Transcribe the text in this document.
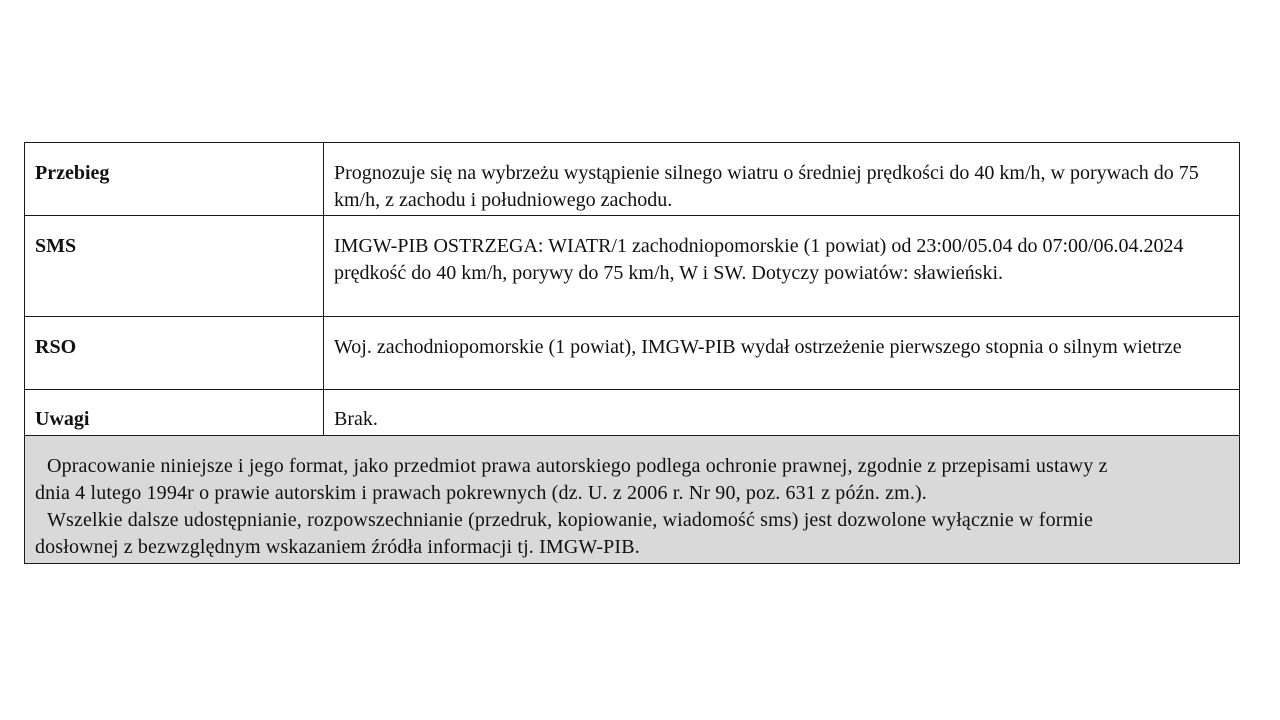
Przebieg	Prognozuje się na wybrzeżu wystąpienie silnego wiatru o średniej prędkości do 40 km/h, w porywach do 75 km/h, z zachodu i południowego zachodu.
SMS	IMGW-PIB OSTRZEGA: WIATR/1 zachodniopomorskie (1 powiat) od 23:00/05.04 do 07:00/06.04.2024 prędkość do 40 km/h, porywy do 75 km/h, W i SW. Dotyczy powiatów: sławieński.
RSO	Woj. zachodniopomorskie (1 powiat), IMGW-PIB wydał ostrzeżenie pierwszego stopnia o silnym wietrze
Uwagi	Brak.

Opracowanie niniejsze i jego format, jako przedmiot prawa autorskiego podlega ochronie prawnej, zgodnie z przepisami ustawy z
dnia 4 lutego 1994r o prawie autorskim i prawach pokrewnych (dz. U. z 2006 r. Nr 90, poz. 631 z późn. zm.).
Wszelkie dalsze udostępnianie, rozpowszechnianie (przedruk, kopiowanie, wiadomość sms) jest dozwolone wyłącznie w formie
dosłownej z bezwzględnym wskazaniem źródła informacji tj. IMGW-PIB.	
